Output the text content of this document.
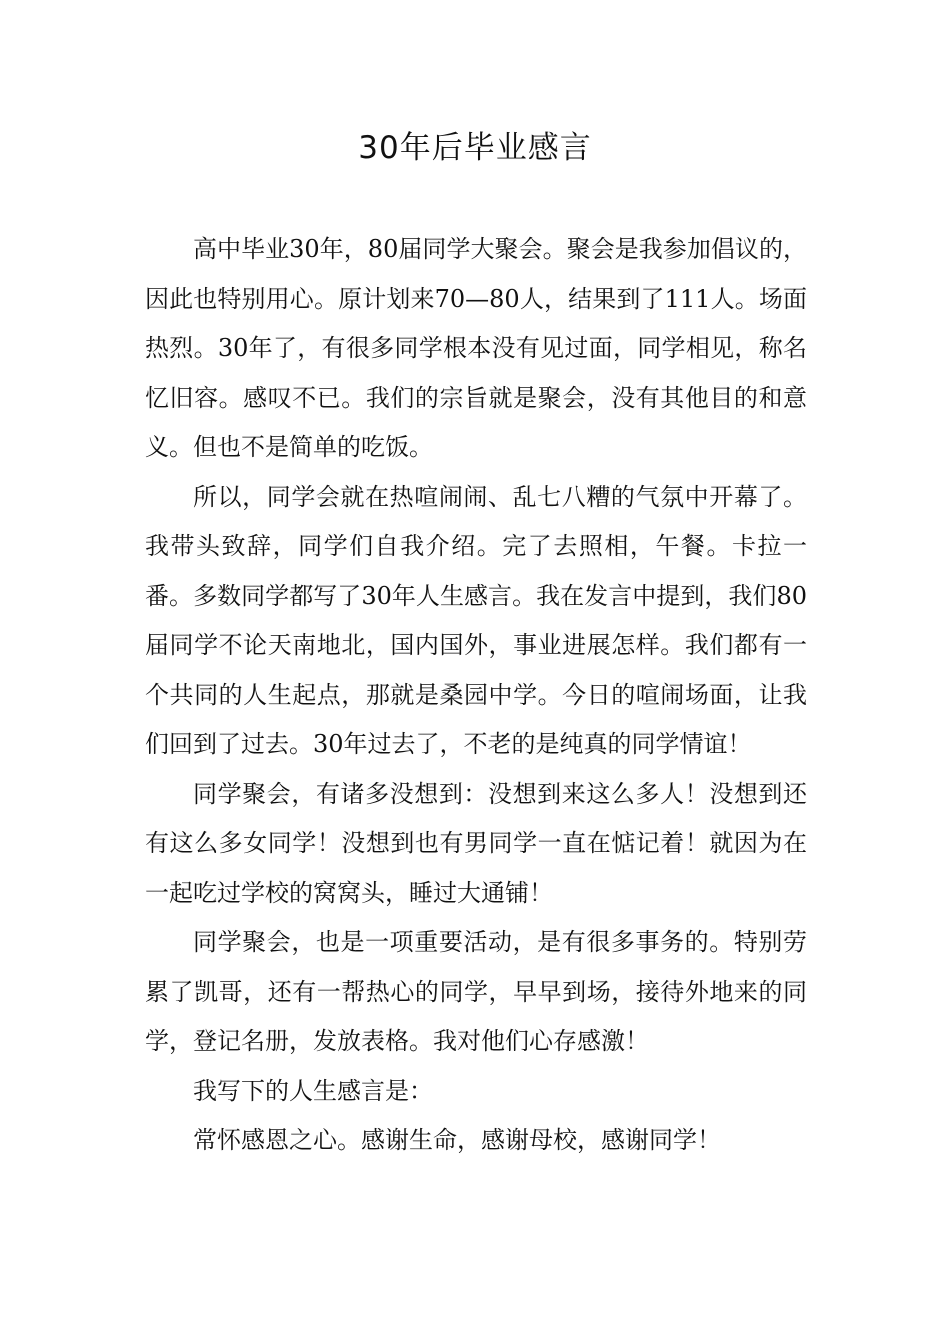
30年后毕业感言

高中毕业30年，80届同学大聚会。聚会是我参加倡议的，因此也特别用心。原计划来70—80人，结果到了111人。场面热烈。30年了，有很多同学根本没有见过面，同学相见，称名忆旧容。感叹不已。我们的宗旨就是聚会，没有其他目的和意义。但也不是简单的吃饭。

所以，同学会就在热喧闹闹、乱七八糟的气氛中开幕了。我带头致辞，同学们自我介绍。完了去照相，午餐。卡拉一番。多数同学都写了30年人生感言。我在发言中提到，我们80届同学不论天南地北，国内国外，事业进展怎样。我们都有一个共同的人生起点，那就是桑园中学。今日的喧闹场面，让我们回到了过去。30年过去了，不老的是纯真的同学情谊！

同学聚会，有诸多没想到：没想到来这么多人！没想到还有这么多女同学！没想到也有男同学一直在惦记着！就因为在一起吃过学校的窝窝头，睡过大通铺！

同学聚会，也是一项重要活动，是有很多事务的。特别劳累了凯哥，还有一帮热心的同学，早早到场，接待外地来的同学，登记名册，发放表格。我对他们心存感激！

我写下的人生感言是：

常怀感恩之心。感谢生命，感谢母校，感谢同学！
